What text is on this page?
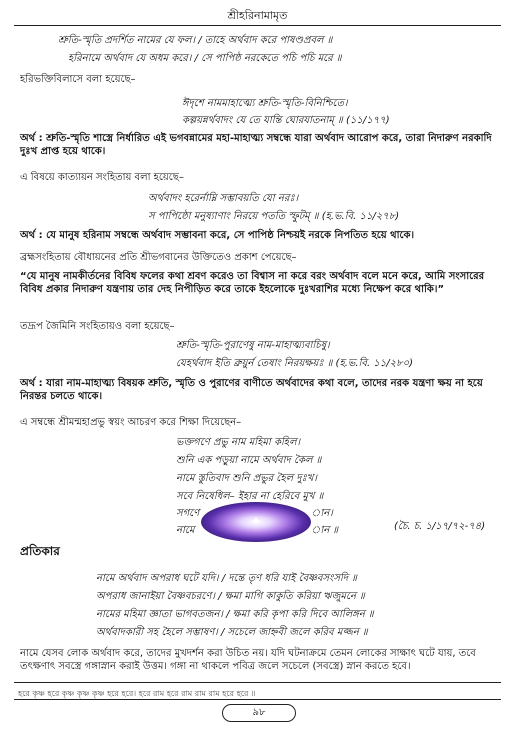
শ্রীহরিনামামৃত
শ্রুতি-স্মৃতি প্রদর্শিত নামের যে ফল। / তাহে অর্থবাদ করে পাষণ্ডপ্রবল ॥
হরিনামে অর্থবাদ যে অধম করে। / সে পাপিষ্ঠ নরকেতে পচি পচি মরে ॥
হরিভক্তিবিলাসে বলা হয়েছে–
ঈদৃশে নামমাহাত্ম্যে শ্রুতি-স্মৃতি-বিনিশ্চিতে।
কল্পয়ন্নর্থবাদং যে তে যান্তি ঘোরযাতনাম্ ॥ (১১/১৭৭)
অর্থ : শ্রুতি-স্মৃতি শাস্ত্রে নির্ধারিত এই ভগবন্নামের মহা-মাহাত্ম্য সম্বন্ধে যারা অর্থবাদ আরোপ করে, তারা নিদারুণ নরকাদি দুঃখ প্রাপ্ত হয়ে থাকে।
এ বিষয়ে কাত্যায়ন সংহিতায় বলা হয়েছে–
অর্থবাদং হরের্নাম্নি সম্ভাবয়তি যো নরঃ।
স পাপিষ্ঠো মনুষ্যাণাং নিরয়ে পততি স্ফুটম্ ॥ (হ.ভ.বি. ১১/২৭৮)
অর্থ : যে মানুষ হরিনাম সম্বন্ধে অর্থবাদ সম্ভাবনা করে, সে পাপিষ্ঠ নিশ্চয়ই নরকে নিপতিত হয়ে থাকে।
ব্রহ্মসংহিতায় বৌধায়নের প্রতি শ্রীভগবানের উক্তিতেও প্রকাশ পেয়েছে–
“যে মানুষ নামকীর্তনের বিবিধ ফলের কথা শ্রবণ করেও তা বিশ্বাস না করে বরং অর্থবাদ বলে মনে করে, আমি সংসারের বিবিধ প্রকার নিদারুণ যন্ত্রণায় তার দেহ নিপীড়িত করে তাকে ইহলোকে দুঃখরাশির মধ্যে নিক্ষেপ করে থাকি।”
তদ্রূপ জৈমিনি সংহিতায়ও বলা হয়েছে–
শ্রুতি-স্মৃতি-পুরাণেষু নাম-মাহাত্ম্যবাচিষু।
যেহর্থবাদ ইতি ব্রুয়ুর্ন তেষাং নিরয়ক্ষয়ঃ ॥ (হ.ভ.বি. ১১/২৮০)
অর্থ : যারা নাম-মাহাত্ম্য বিষয়ক শ্রুতি, স্মৃতি ও পুরাণের বাণীতে অর্থবাদের কথা বলে, তাদের নরক যন্ত্রণা ক্ষয় না হয়ে নিরন্তর চলতে থাকে।
এ সম্বন্ধে শ্রীমন্মহাপ্রভু স্বয়ং আচরণ করে শিক্ষা দিয়েছেন–
ভক্তগণে প্রভু নাম মহিমা কহিল।
শুনি এক পড়ুয়া নামে অর্থবাদ কৈল ॥
নামে স্তুতিবাদ শুনি প্রভুর হৈল দুঃখ।
সবে নিষেধিল– ইহার না হেরিবে মুখ ॥
সগণে	ান।
নামে	ান ॥	(চৈ. চ. ১/১৭/৭২-৭৪)
✦
প্রতিকার
নামে অর্থবাদ অপরাধ ঘটে যদি। / দন্তে তৃণ ধরি যাই বৈষ্ণবসংসদি ॥
অপরাধ জানাইয়া বৈষ্ণবচরণে। / ক্ষমা মাগি কাকুতি করিয়া ঋজুমনে ॥
নামের মহিমা জ্ঞাতা ভাগবতজন। / ক্ষমা করি কৃপা করি দিবে আলিঙ্গন ॥
অর্থবাদকারী সহ হৈলে সম্ভাষণ। / সচেলে জাহ্নবী জলে করিব মজ্জন ॥
নামে যেসব লোক অর্থবাদ করে, তাদের মুখদর্শন করা উচিত নয়। যদি ঘটনাক্রমে তেমন লোকের সাক্ষাৎ ঘটে যায়, তবে তৎক্ষণাৎ সবস্ত্রে গঙ্গাস্নান করাই উত্তম। গঙ্গা না থাকলে পবিত্র জলে সচেলে (সবস্ত্রে) স্নান করতে হবে।
হরে কৃষ্ণ হরে কৃষ্ণ কৃষ্ণ কৃষ্ণ হরে হরে। হরে রাম হরে রাম রাম রাম হরে হরে ॥
৯৮
